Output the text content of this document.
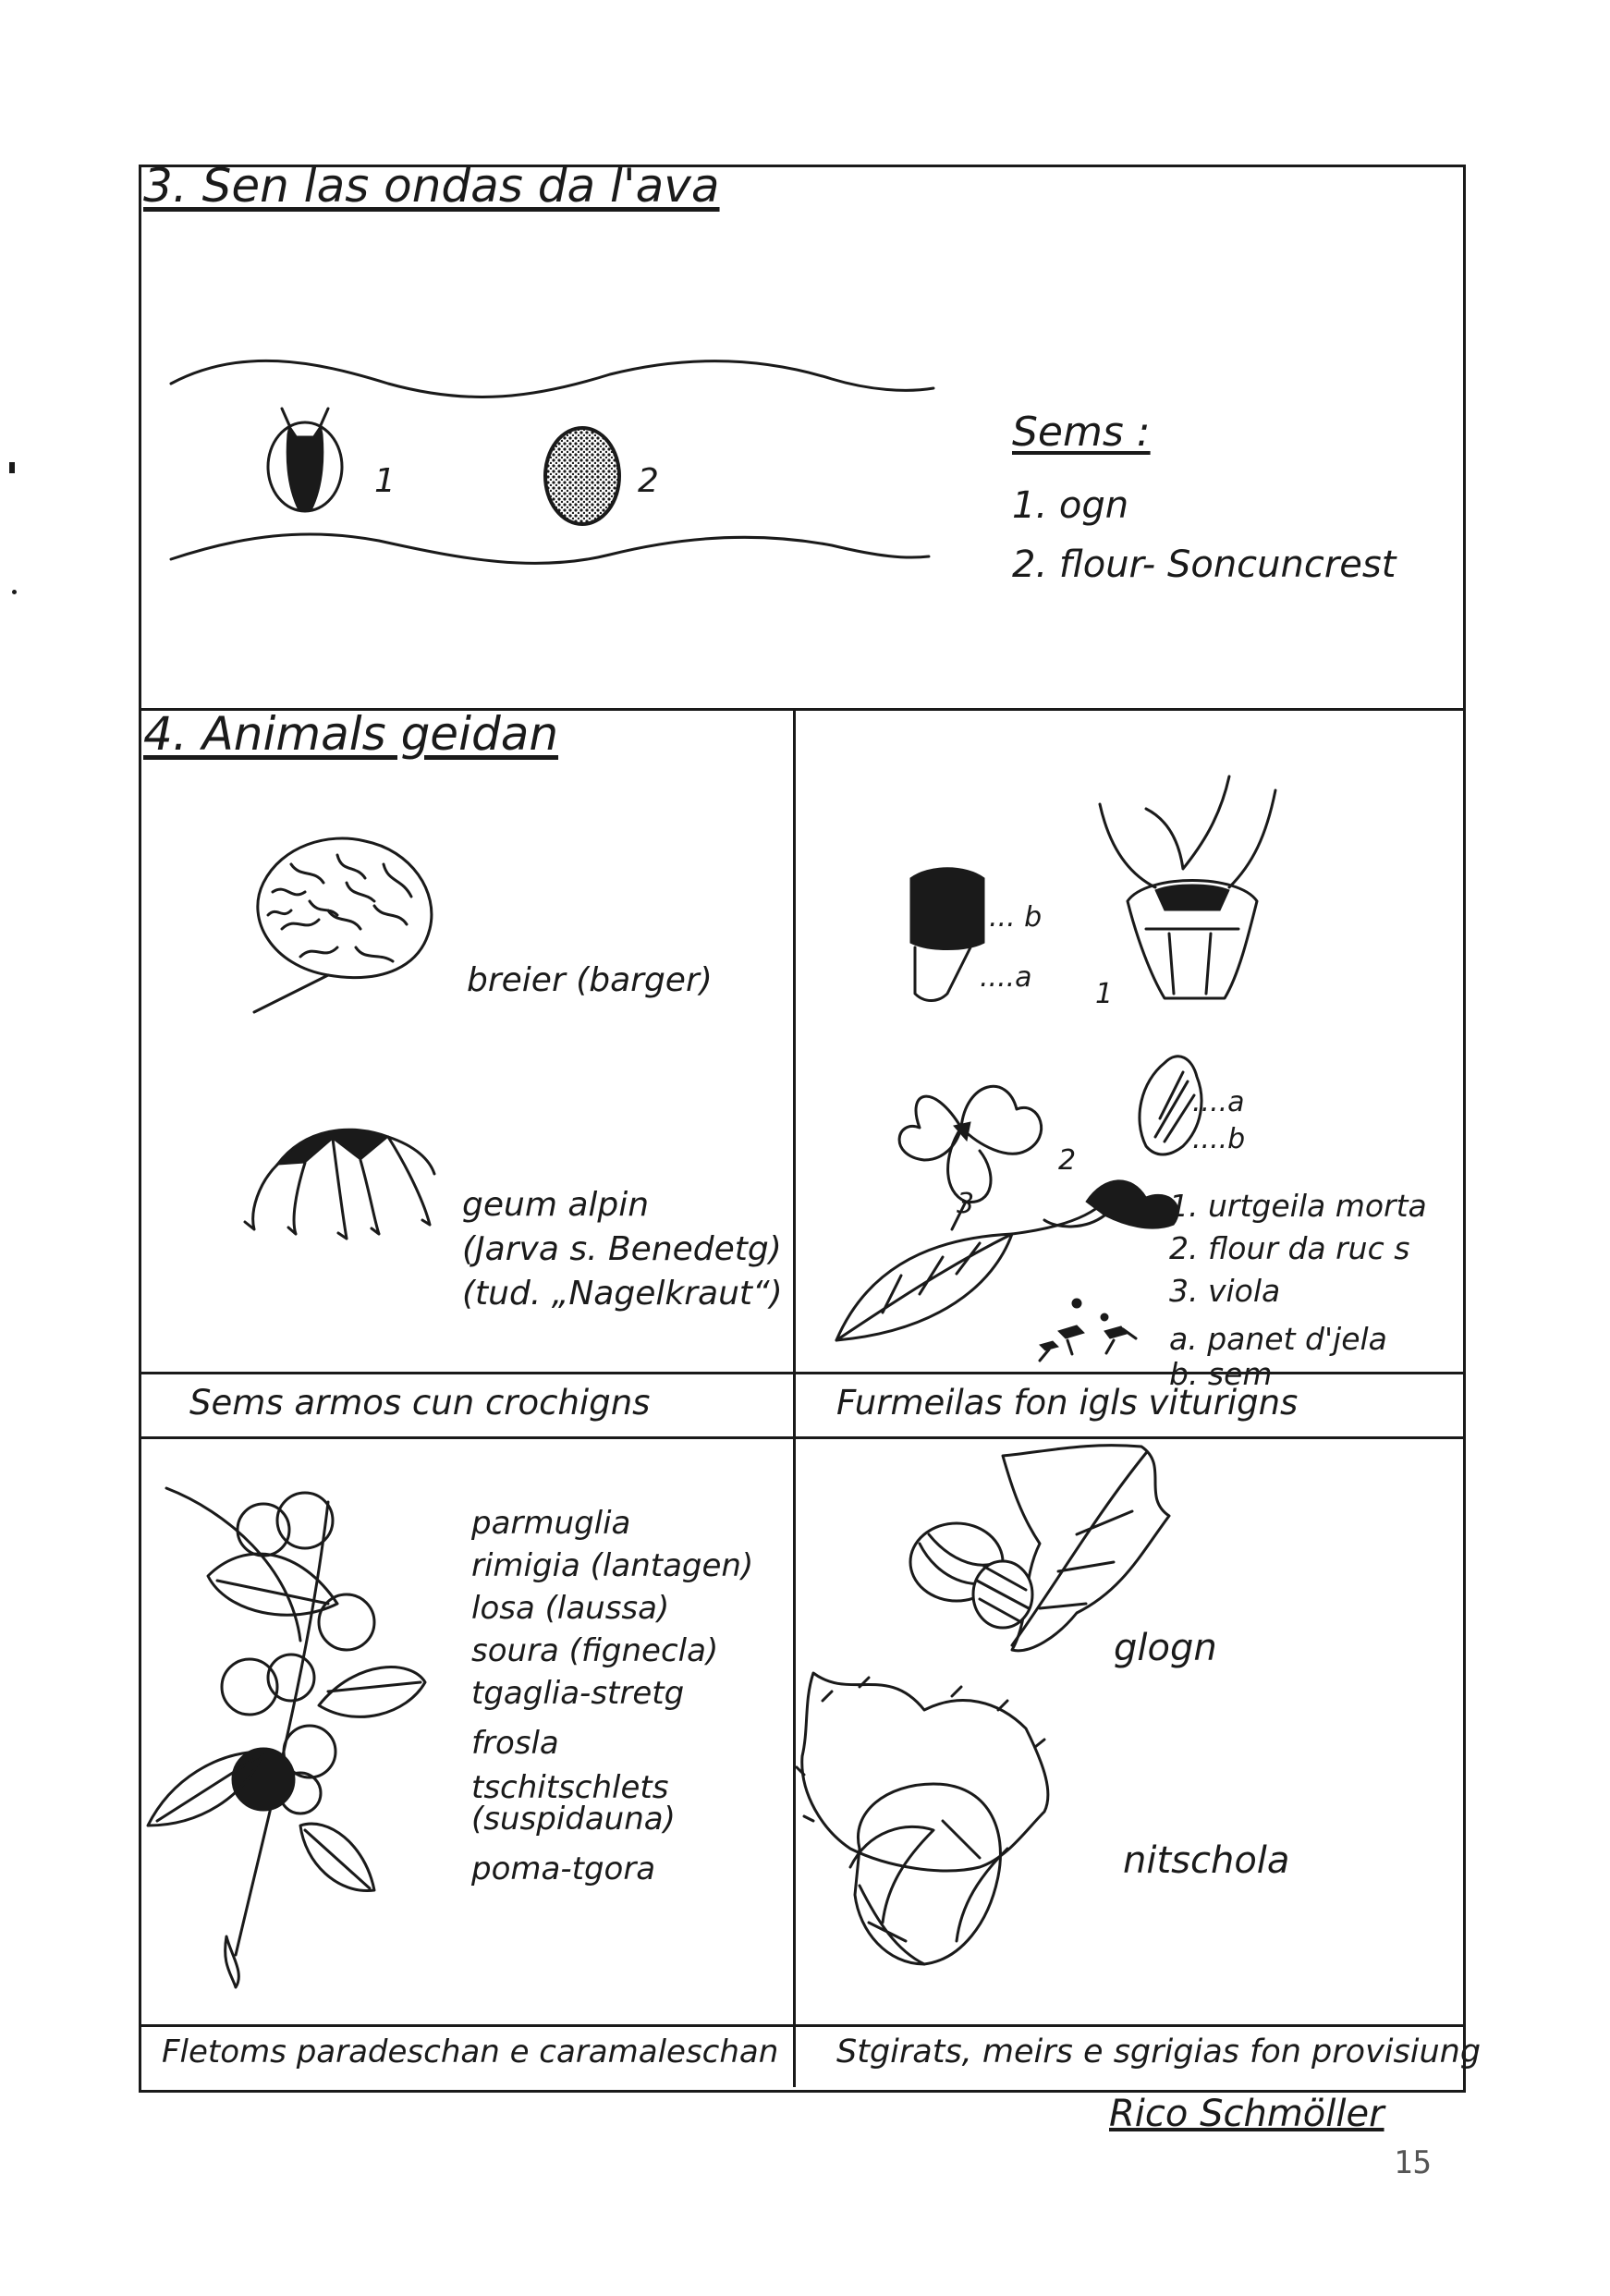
3. Sen las ondas da l'ava
1	2
Sems :
1. ogn
2. flour- Soncuncrest
4. Animals geidan
breier (barger)
geum alpin
(Jarva s. Benedetg)
(tud. „Nagelkraut“)
Sems armos cun crochigns
... b
....a
1
....a
....b
2
3	1. urtgeila morta
2. flour da ruc s
3. viola
a. panet d'jela
b. sem
Furmeilas fon igls viturigns
parmuglia
rimigia (lantagen)
losa (laussa)
soura (fignecla)
tgaglia-stretg
frosla
tschitschlets
(suspidauna)
poma-tgora
Fletoms paradeschan e caramaleschan
glogn
nitschola
Stgirats, meirs e sgrigias fon provisiung
Rico Schmöller
15
